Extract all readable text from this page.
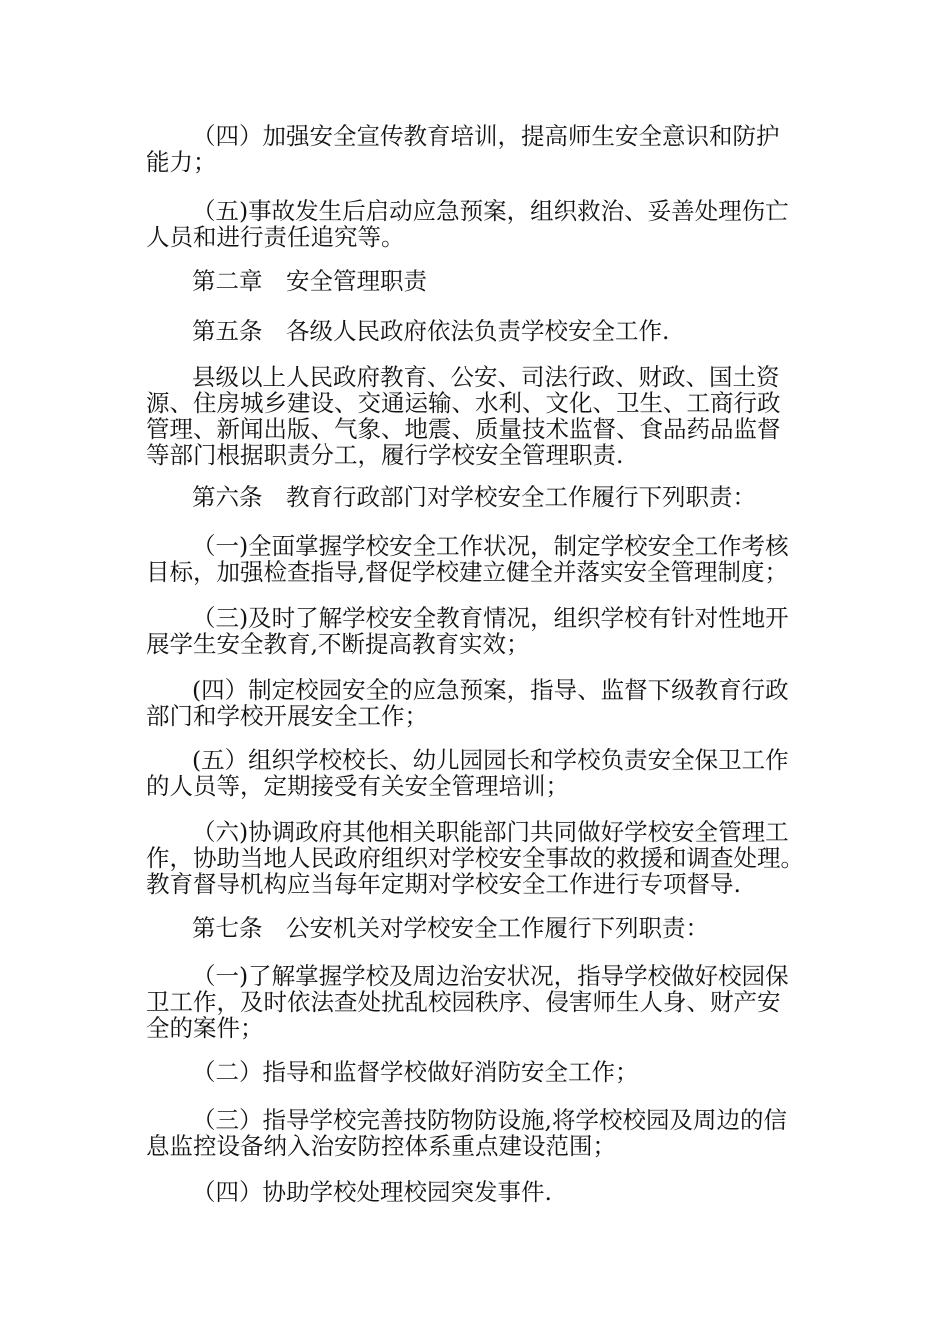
（四）加强安全宣传教育培训，提高师生安全意识和防护
能力；
（五)事故发生后启动应急预案，组织救治、妥善处理伤亡
人员和进行责任追究等。
第二章　安全管理职责
第五条　各级人民政府依法负责学校安全工作.
县级以上人民政府教育、公安、司法行政、财政、国土资
源、住房城乡建设、交通运输、水利、文化、卫生、工商行政
管理、新闻出版、气象、地震、质量技术监督、食品药品监督
等部门根据职责分工，履行学校安全管理职责.
第六条　教育行政部门对学校安全工作履行下列职责：
（一)全面掌握学校安全工作状况，制定学校安全工作考核
目标，加强检查指导,督促学校建立健全并落实安全管理制度；
（三)及时了解学校安全教育情况，组织学校有针对性地开
展学生安全教育,不断提高教育实效；
(四）制定校园安全的应急预案，指导、监督下级教育行政
部门和学校开展安全工作；
(五）组织学校校长、幼儿园园长和学校负责安全保卫工作
的人员等，定期接受有关安全管理培训；
（六)协调政府其他相关职能部门共同做好学校安全管理工
作，协助当地人民政府组织对学校安全事故的救援和调查处理。
教育督导机构应当每年定期对学校安全工作进行专项督导.
第七条　公安机关对学校安全工作履行下列职责：
（一)了解掌握学校及周边治安状况，指导学校做好校园保
卫工作，及时依法查处扰乱校园秩序、侵害师生人身、财产安
全的案件；
（二）指导和监督学校做好消防安全工作；
（三）指导学校完善技防物防设施,将学校校园及周边的信
息监控设备纳入治安防控体系重点建设范围；
（四）协助学校处理校园突发事件.
